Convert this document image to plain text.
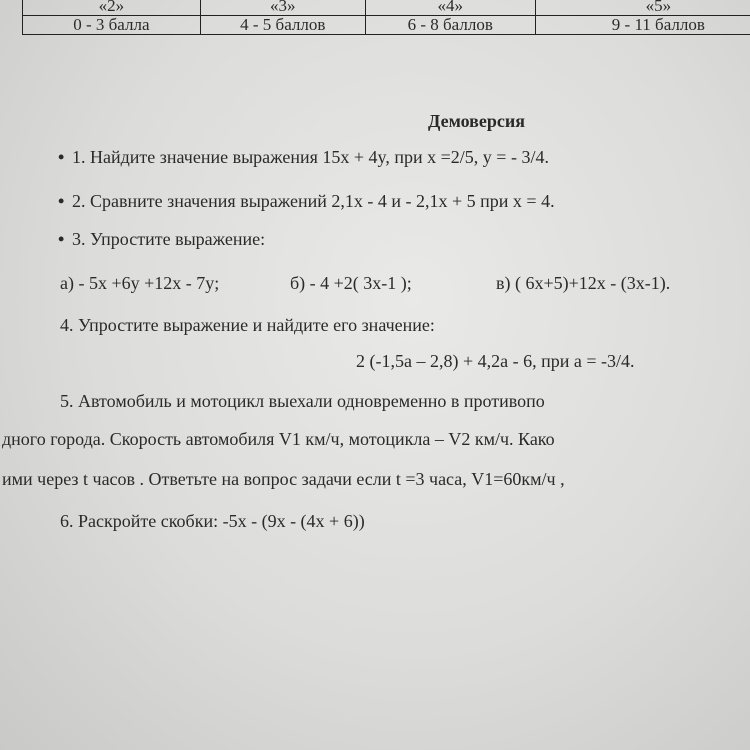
«2»	«3»	«4»	«5»
0 - 3 балла	4 - 5 баллов	6 - 8 баллов	9 - 11 баллов
Демоверсия
• 1. Найдите значение выражения 15x + 4y, при x =2/5, y = - 3/4.
• 2. Сравните значения выражений 2,1x - 4 и - 2,1x + 5 при x = 4.
• 3. Упростите выражение:
а) - 5x +6y +12x - 7y;	б) - 4 +2( 3x-1 );	в) ( 6x+5)+12x - (3x-1).
4. Упростите выражение и найдите его значение:
2 (-1,5a – 2,8) + 4,2a - 6, при a = -3/4.
5. Автомобиль и мотоцикл выехали одновременно в противопо
дного города. Скорость автомобиля V1 км/ч, мотоцикла – V2 км/ч. Како
ими через t часов . Ответьте на вопрос задачи если t =3 часа, V1=60км/ч ,
6. Раскройте скобки: -5x - (9x - (4x + 6))
